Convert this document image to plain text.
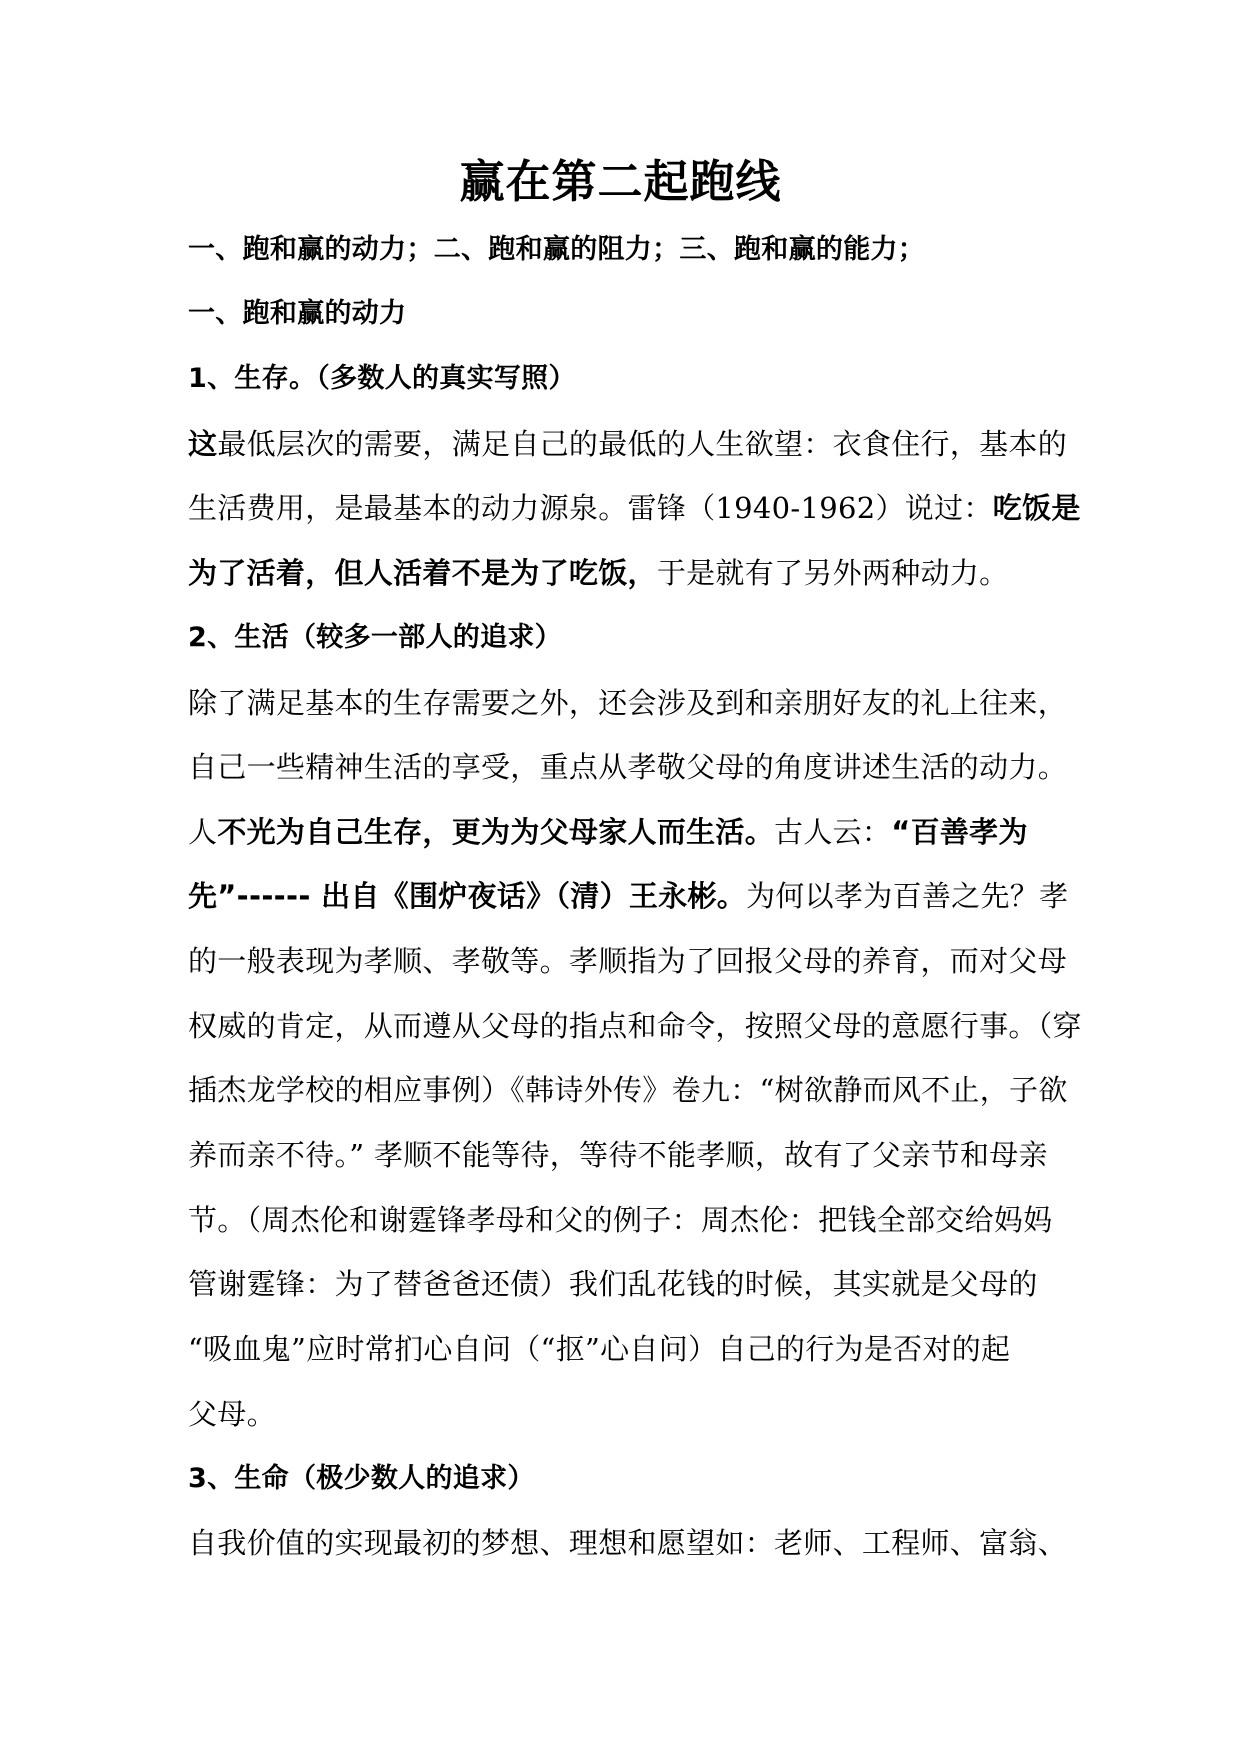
赢在第二起跑线
一、跑和赢的动力；二、跑和赢的阻力；三、跑和赢的能力；
一、跑和赢的动力
1、生存。（多数人的真实写照）
这最低层次的需要，满足自己的最低的人生欲望：衣食住行，基本的
生活费用，是最基本的动力源泉。雷锋（1940-1962）说过：吃饭是
为了活着，但人活着不是为了吃饭，于是就有了另外两种动力。
2、生活（较多一部人的追求）
除了满足基本的生存需要之外，还会涉及到和亲朋好友的礼上往来，
自己一些精神生活的享受，重点从孝敬父母的角度讲述生活的动力。
人不光为自己生存，更为为父母家人而生活。古人云：“百善孝为
先”------ 出自《围炉夜话》（清）王永彬。为何以孝为百善之先？孝
的一般表现为孝顺、孝敬等。孝顺指为了回报父母的养育，而对父母
权威的肯定，从而遵从父母的指点和命令，按照父母的意愿行事。（穿
插杰龙学校的相应事例）《韩诗外传》卷九：“树欲静而风不止，子欲
养而亲不待。” 孝顺不能等待，等待不能孝顺，故有了父亲节和母亲
节。（周杰伦和谢霆锋孝母和父的例子：周杰伦：把钱全部交给妈妈
管谢霆锋：为了替爸爸还债）我们乱花钱的时候，其实就是父母的
“吸血鬼”应时常扪心自问（“抠”心自问）自己的行为是否对的起
父母。
3、生命（极少数人的追求）
自我价值的实现最初的梦想、理想和愿望如：老师、工程师、富翁、
